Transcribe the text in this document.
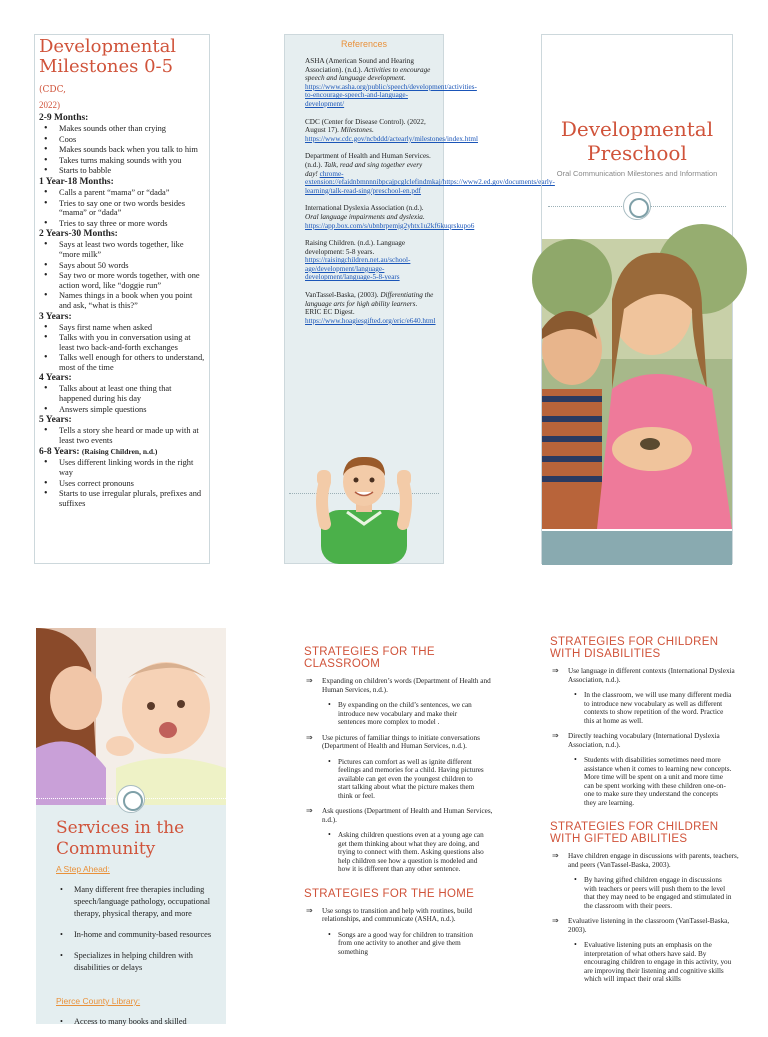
Developmental Milestones 0-5 (CDC,
2022)
2-9 Months:
• Makes sounds other than crying
• Coos
• Makes sounds back when you talk to him
• Takes turns making sounds with you
• Starts to babble
1 Year-18 Months:
• Calls a parent “mama” or “dada”
• Tries to say one or two words besides “mama” or “dada”
• Tries to say three or more words
2 Years-30 Months:
• Says at least two words together, like “more milk”
• Says about 50 words
• Say two or more words together, with one action word, like “doggie run”
• Names things in a book when you point and ask, “what is this?”
3 Years:
• Says first name when asked
• Talks with you in conversation using at least two back-and-forth exchanges
• Talks well enough for others to understand, most of the time
4 Years:
• Talks about at least one thing that happened during his day
• Answers simple questions
5 Years:
• Tells a story she heard or made up with at least two events
6-8 Years: (Raising Children, n.d.)
• Uses different linking words in the right way
• Uses correct pronouns
• Starts to use irregular plurals, prefixes and suffixes
References
ASHA (American Sound and Hearing Association). (n.d.). Activities to encourage speech and language development. https://www.asha.org/public/speech/development/activities-to-encourage-speech-and-language-development/
CDC (Center for Disease Control). (2022, August 17). Milestones. https://www.cdc.gov/ncbddd/actearly/milestones/index.html
Department of Health and Human Services. (n.d.). Talk, read and sing together every day! chrome-extension://efaidnbmnnnibpcajpcglclefindmkaj/https://www2.ed.gov/documents/early-learning/talk-read-sing/preschool-en.pdf
International Dyslexia Association (n.d.). Oral language impairments and dyslexia. https://app.box.com/s/ubnbrpemjg2yhtx1u2kf6kuqrskupo6
Raising Children. (n.d.). Language development: 5-8 years. https://raisingchildren.net.au/school-age/development/language-development/language-5-8-years
VanTassel-Baska, (2003). Differentiating the language arts for high ability learners. ERIC EC Digest. https://www.hoagiesgifted.org/eric/e640.html
Developmental
Preschool
Oral Communication Milestones and Information
Services in the
Community
A Step Ahead:
• Many different free therapies including speech/language pathology, occupational therapy, physical therapy, and more
• In-home and community-based resources
• Specializes in helping children with disabilities or delays
Pierce County Library:
• Access to many books and skilled
STRATEGIES FOR THE CLASSROOM
⇒ Expanding on children’s words (Department of Health and Human Services, n.d.).
• By expanding on the child’s sentences, we can introduce new vocabulary and make their sentences more complex to model .
⇒ Use pictures of familiar things to initiate conversations (Department of Health and Human Services, n.d.).
• Pictures can comfort as well as ignite different feelings and memories for a child. Having pictures available can get even the youngest children to start talking about what the picture makes them think or feel.
⇒ Ask questions (Department of Health and Human Services, n.d.).
• Asking children questions even at a young age can get them thinking about what they are doing, and trying to connect with them. Asking questions also help children see how a question is modeled and how it is different than any other sentence.
STRATEGIES FOR THE HOME
⇒ Use songs to transition and help with routines, build relationships, and communicate (ASHA, n.d.).
• Songs are a good way for children to transition from one activity to another and give them something
STRATEGIES FOR CHILDREN WITH DISABILITIES
⇒ Use language in different contexts (International Dyslexia Association, n.d.).
• In the classroom, we will use many different media to introduce new vocabulary as well as different contexts to show repetition of the word. Practice this at home as well.
⇒ Directly teaching vocabulary (International Dyslexia Association, n.d.).
• Students with disabilities sometimes need more assistance when it comes to learning new concepts. More time will be spent on a unit and more time can be spent working with these children one-on-one to make sure they understand the concepts they are learning.
STRATEGIES FOR CHILDREN WITH GIFTED ABILITIES
⇒ Have children engage in discussions with parents, teachers, and peers (VanTassel-Baska, 2003).
• By having gifted children engage in discussions with teachers or peers will push them to the level that they may need to be engaged and stimulated in the classroom with their peers.
⇒ Evaluative listening in the classroom (VanTassel-Baska, 2003).
• Evaluative listening puts an emphasis on the interpretation of what others have said. By encouraging children to engage in this activity, you are improving their listening and cognitive skills which will impact their oral skills
